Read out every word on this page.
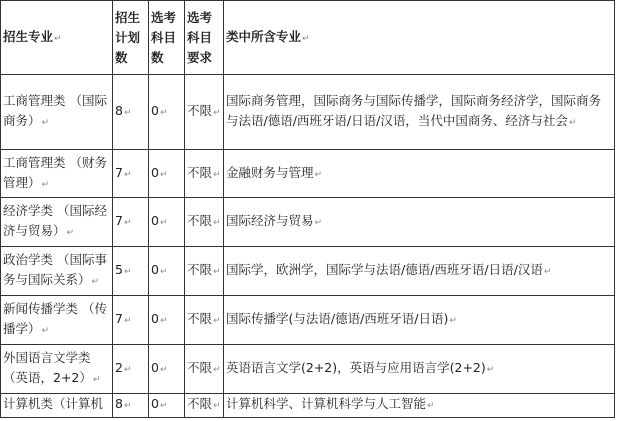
招生专业↵	招生计划数	选考科目数	选考科目要求	类中所含专业↵
工商管理类 （国际商务）↵	8↵	0↵	不限↵	国际商务管理，国际商务与国际传播学，国际商务经济学，国际商务与法语/德语/西班牙语/日语/汉语，当代中国商务、经济与社会↵
工商管理类 （财务管理）↵	7↵	0↵	不限↵	金融财务与管理↵
经济学类 （国际经济与贸易）↵	7↵	0↵	不限↵	国际经济与贸易↵
政治学类 （国际事务与国际关系）↵	5↵	0↵	不限↵	国际学，欧洲学，国际学与法语/德语/西班牙语/日语/汉语↵
新闻传播学类 （传播学）↵	7↵	0↵	不限↵	国际传播学(与法语/德语/西班牙语/日语)↵
外国语言文学类 （英语，2+2）↵	2↵	0↵	不限↵	英语语言文学(2+2)，英语与应用语言学(2+2)↵
计算机类（计算机	8↵	0↵	不限↵	计算机科学、计算机科学与人工智能↵
